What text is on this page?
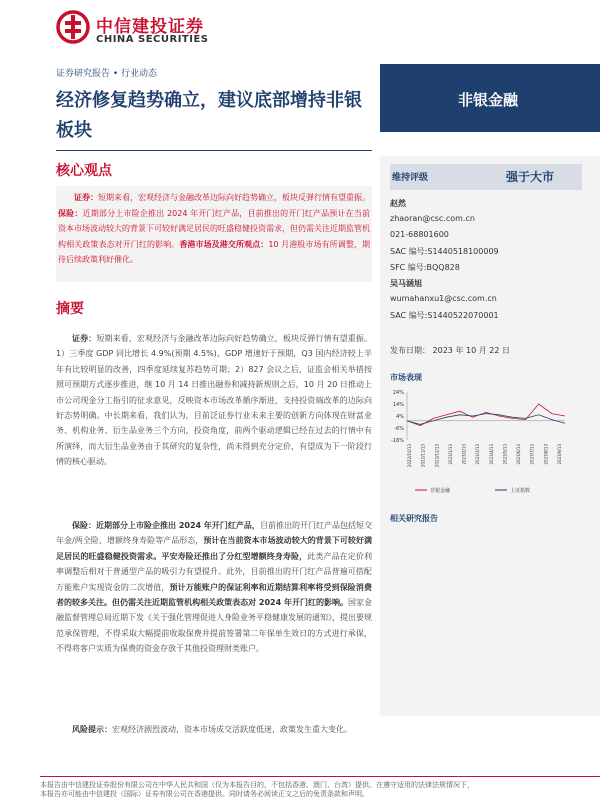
中信建投证券
CHINA SECURITIES
证券研究报告 • 行业动态
经济修复趋势确立，建议底部增持非银板块
非银金融
核心观点
证券：短期来看，宏观经济与金融改革边际向好趋势确立，板块反弹行情有望重振。保险：近期部分上市险企推出 2024 年开门红产品，目前推出的开门红产品预计在当前资本市场波动较大的背景下可较好满足居民的旺盛稳健投资需求，但仍需关注近期监管机构相关政策表态对开门红的影响。香港市场及港交所观点：10 月港股市场有所调整，期待后续政策利好催化。
摘要
证券：短期来看，宏观经济与金融改革边际向好趋势确立，板块反弹行情有望重振。1）三季度 GDP 同比增长 4.9%(预期 4.5%)，GDP 增速好于预期，Q3 国内经济较上半年有比较明显的改善，四季度延续复苏趋势可期；2）827 会议之后，证监会相关举措按照可预期方式逐步推进，继 10 月 14 日推出融券和减持新规则之后，10 月 20 日推动上市公司现金分工指引的征求意见，反映资本市场改革循序渐进，支持投资端改革的边际向好态势明确。中长期来看，我们认为，目前泛证券行业未来主要的创新方向体现在财富业务、机构业务、衍生品业务三个方向，投资角度，前两个驱动逻辑已经在过去的行情中有所演绎，而大衍生品业务由于其研究的复杂性，尚未得到充分定价，有望成为下一阶段行情的核心驱动。
保险：近期部分上市险企推出 2024 年开门红产品，目前推出的开门红产品包括短交年金/两全险、增额终身寿险等产品形态，预计在当前资本市场波动较大的背景下可较好满足居民的旺盛稳健投资需求。平安寿险还推出了分红型增额终身寿险，此类产品在定价利率调整后相对于普通型产品的吸引力有望提升。此外，目前推出的开门红产品普遍可搭配万能账户实现资金的二次增值，预计万能账户的保证利率和近期结算利率将受到保险消费者的较多关注。但仍需关注近期监管机构相关政策表态对 2024 年开门红的影响。国家金融监督管理总局近期下发《关于强化管理促进人身险业务平稳健康发展的通知》，提出要规范承保管理，不得采取大幅提前收取保费并提前签署第二年保单生效日的方式进行承保，不得将客户实质为保费的资金存放于其他投资理财类账户。
风险提示：宏观经济剧烈波动，资本市场成交活跃度低迷，政策发生重大变化。
维持评级	强于大市
赵然
zhaoran@csc.com.cn
021-68801600
SAC 编号:S1440518100009
SFC 编号:BQQ828
吴马涵旭
wumahanxu1@csc.com.cn
SAC 编号:S1440522070001
发布日期： 2023 年 10 月 22 日
市场表现
24%
14%
4%
-6%
-16%
2022/10/13 2022/11/13 2022/12/13 2023/1/13 2023/2/13 2023/3/13 2023/4/13 2023/5/13 2023/6/13 2023/7/13 2023/8/13 2023/9/13
非银金融	上证指数
相关研究报告
本报告由中信建投证券股份有限公司在中华人民共和国（仅为本报告目的，不包括香港、澳门、台湾）提供。在遵守适用的法律法规情况下，
本报告亦可能由中信建投（国际）证券有限公司在香港提供。同时请务必阅读正文之后的免责条款和声明。
